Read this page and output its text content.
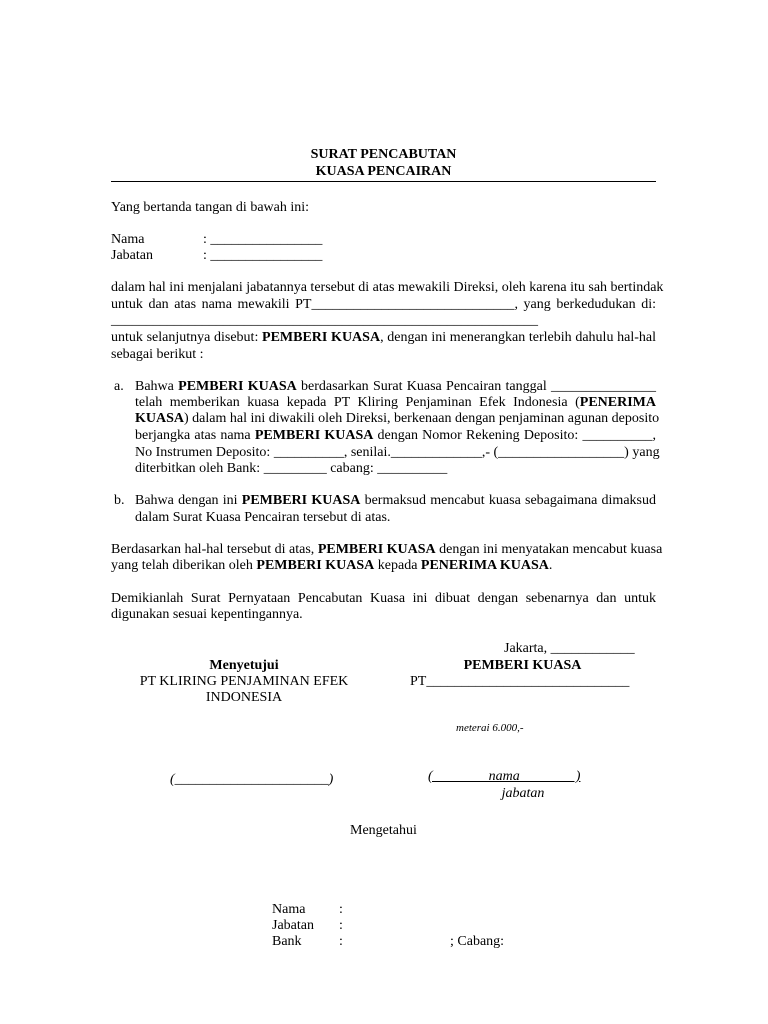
SURAT PENCABUTAN
KUASA PENCAIRAN
Yang bertanda tangan di bawah ini:
Nama	: ________________
Jabatan	: ________________
dalam hal ini menjalani jabatannya tersebut di atas mewakili Direksi, oleh karena itu sah bertindak
untuk dan atas nama mewakili PT_____________________________, yang berkedudukan di:
_____________________________________________________________
untuk selanjutnya disebut: PEMBERI KUASA, dengan ini menerangkan terlebih dahulu hal-hal
sebagai berikut :
a. Bahwa PEMBERI KUASA berdasarkan Surat Kuasa Pencairan tanggal _______________
telah memberikan kuasa kepada PT Kliring Penjaminan Efek Indonesia (PENERIMA
KUASA) dalam hal ini diwakili oleh Direksi, berkenaan dengan penjaminan agunan deposito
berjangka atas nama PEMBERI KUASA dengan Nomor Rekening Deposito: __________,
No Instrumen Deposito: __________, senilai._____________,- (__________________) yang
diterbitkan oleh Bank: _________ cabang: __________
b. Bahwa dengan ini PEMBERI KUASA bermaksud mencabut kuasa sebagaimana dimaksud
dalam Surat Kuasa Pencairan tersebut di atas.
Berdasarkan hal-hal tersebut di atas, PEMBERI KUASA dengan ini menyatakan mencabut kuasa
yang telah diberikan oleh PEMBERI KUASA kepada PENERIMA KUASA.
Demikianlah Surat Pernyataan Pencabutan Kuasa ini dibuat dengan sebenarnya dan untuk
digunakan sesuai kepentingannya.
Jakarta, ____________
Menyetujui
PT KLIRING PENJAMINAN EFEK
INDONESIA
PEMBERI KUASA
PT_____________________________
meterai 6.000,-
(______________________)	(                nama                )
jabatan
Mengetahui
Nama :
Jabatan :
Bank	:	; Cabang:
